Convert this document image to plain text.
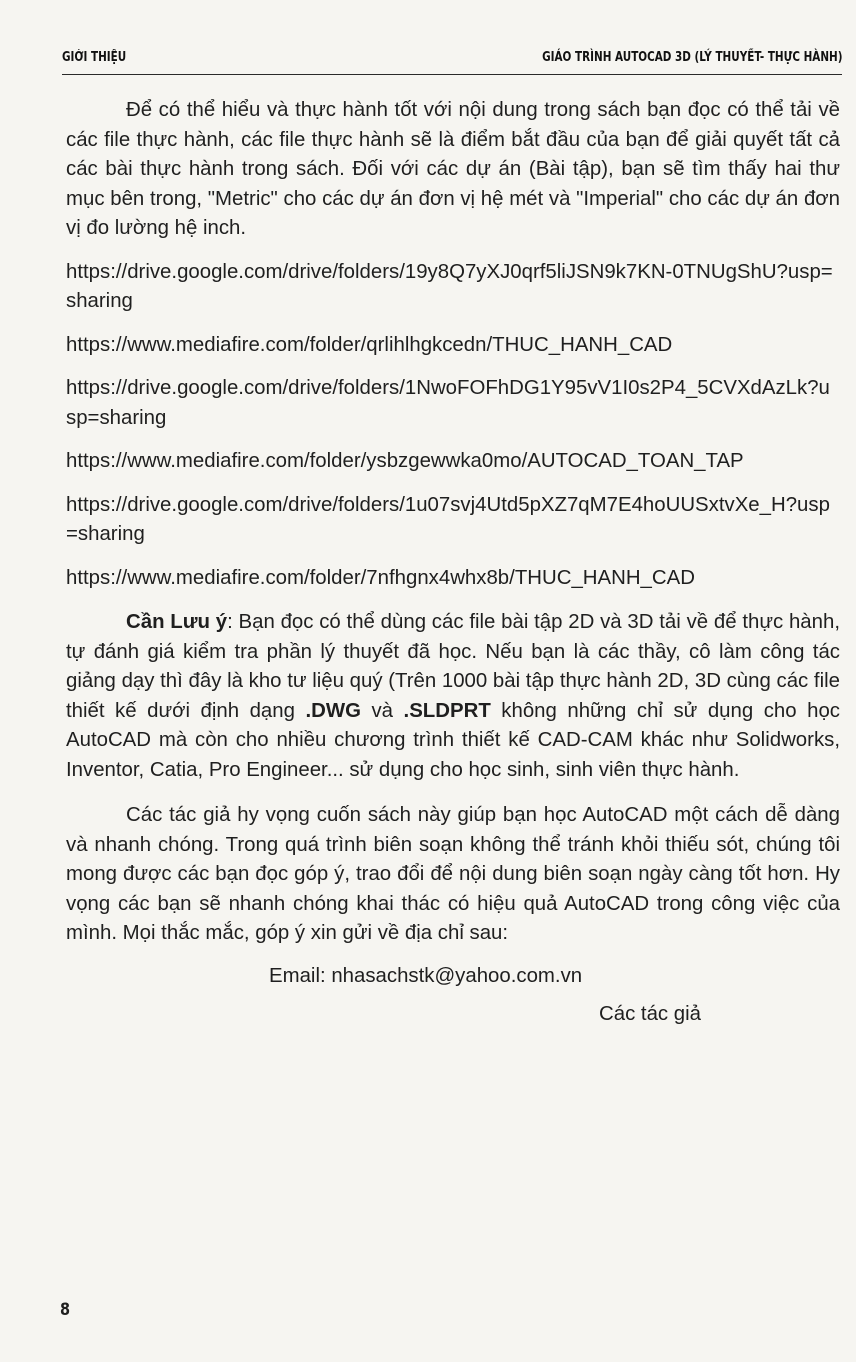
GIỚI THIỆU	GIÁO TRÌNH AUTOCAD 3D (LÝ THUYẾT- THỰC HÀNH)

Để có thể hiểu và thực hành tốt với nội dung trong sách bạn đọc có thể tải về các file thực hành, các file thực hành sẽ là điểm bắt đầu của bạn để giải quyết tất cả các bài thực hành trong sách. Đối với các dự án (Bài tập), bạn sẽ tìm thấy hai thư mục bên trong, "Metric" cho các dự án đơn vị hệ mét và "Imperial" cho các dự án đơn vị đo lường hệ inch.

https://drive.google.com/drive/folders/19y8Q7yXJ0qrf5liJSN9k7KN-0TNUgShU?usp=sharing

https://www.mediafire.com/folder/qrlihlhgkcedn/THUC_HANH_CAD

https://drive.google.com/drive/folders/1NwoFOFhDG1Y95vV1I0s2P4_5CVXdAzLk?usp=sharing

https://www.mediafire.com/folder/ysbzgewwka0mo/AUTOCAD_TOAN_TAP

https://drive.google.com/drive/folders/1u07svj4Utd5pXZ7qM7E4hoUUSxtvXe_H?usp=sharing

https://www.mediafire.com/folder/7nfhgnx4whx8b/THUC_HANH_CAD

Cần Lưu ý: Bạn đọc có thể dùng các file bài tập 2D và 3D tải về để thực hành, tự đánh giá kiểm tra phần lý thuyết đã học. Nếu bạn là các thầy, cô làm công tác giảng dạy thì đây là kho tư liệu quý (Trên 1000 bài tập thực hành 2D, 3D cùng các file thiết kế dưới định dạng .DWG và .SLDPRT không những chỉ sử dụng cho học AutoCAD mà còn cho nhiều chương trình thiết kế CAD-CAM khác như Solidworks, Inventor, Catia, Pro Engineer... sử dụng cho học sinh, sinh viên thực hành.

Các tác giả hy vọng cuốn sách này giúp bạn học AutoCAD một cách dễ dàng và nhanh chóng. Trong quá trình biên soạn không thể tránh khỏi thiếu sót, chúng tôi mong được các bạn đọc góp ý, trao đổi để nội dung biên soạn ngày càng tốt hơn. Hy vọng các bạn sẽ nhanh chóng khai thác có hiệu quả AutoCAD trong công việc của mình. Mọi thắc mắc, góp ý xin gửi về địa chỉ sau:

Email: nhasachstk@yahoo.com.vn
Các tác giả
8
